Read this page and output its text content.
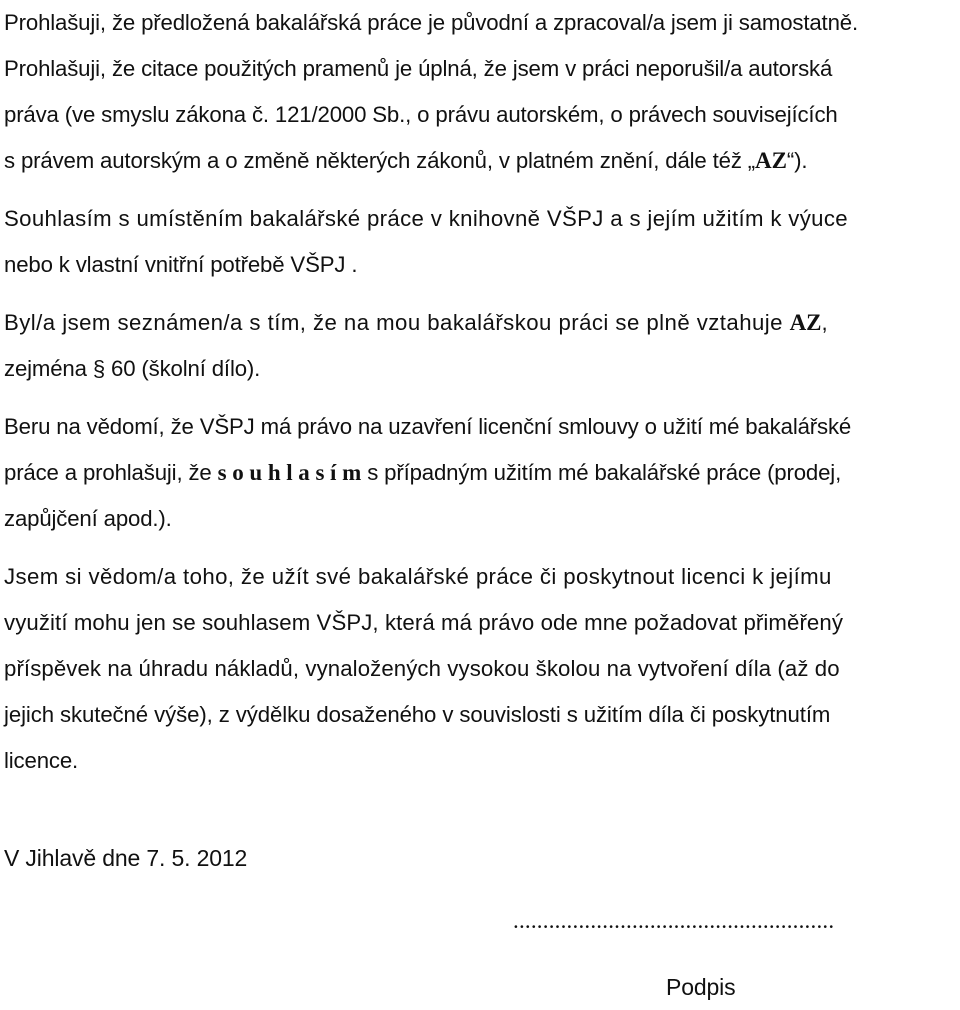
Prohlašuji, že předložená bakalářská práce je původní a zpracoval/a jsem ji samostatně.
Prohlašuji, že citace použitých pramenů je úplná, že jsem v práci neporušil/a autorská
práva (ve smyslu zákona č. 121/2000 Sb., o právu autorském, o právech souvisejících
s právem autorským a o změně některých zákonů, v platném znění, dále též „AZ“).
Souhlasím s umístěním bakalářské práce v knihovně VŠPJ a s jejím užitím k výuce
nebo k vlastní vnitřní potřebě VŠPJ .
Byl/a jsem seznámen/a s tím, že na mou bakalářskou práci se plně vztahuje AZ,
zejména § 60 (školní dílo).
Beru na vědomí, že VŠPJ má právo na uzavření licenční smlouvy o užití mé bakalářské
práce a prohlašuji, že s o u h l a s í m s případným užitím mé bakalářské práce (prodej,
zapůjčení apod.).
Jsem si vědom/a toho, že užít své bakalářské práce či poskytnout licenci k jejímu
využití mohu jen se souhlasem VŠPJ, která má právo ode mne požadovat přiměřený
příspěvek na úhradu nákladů, vynaložených vysokou školou na vytvoření díla (až do
jejich skutečné výše), z výdělku dosaženého v souvislosti s užitím díla či poskytnutím
licence.
V Jihlavě dne 7. 5. 2012
......................................................
Podpis
